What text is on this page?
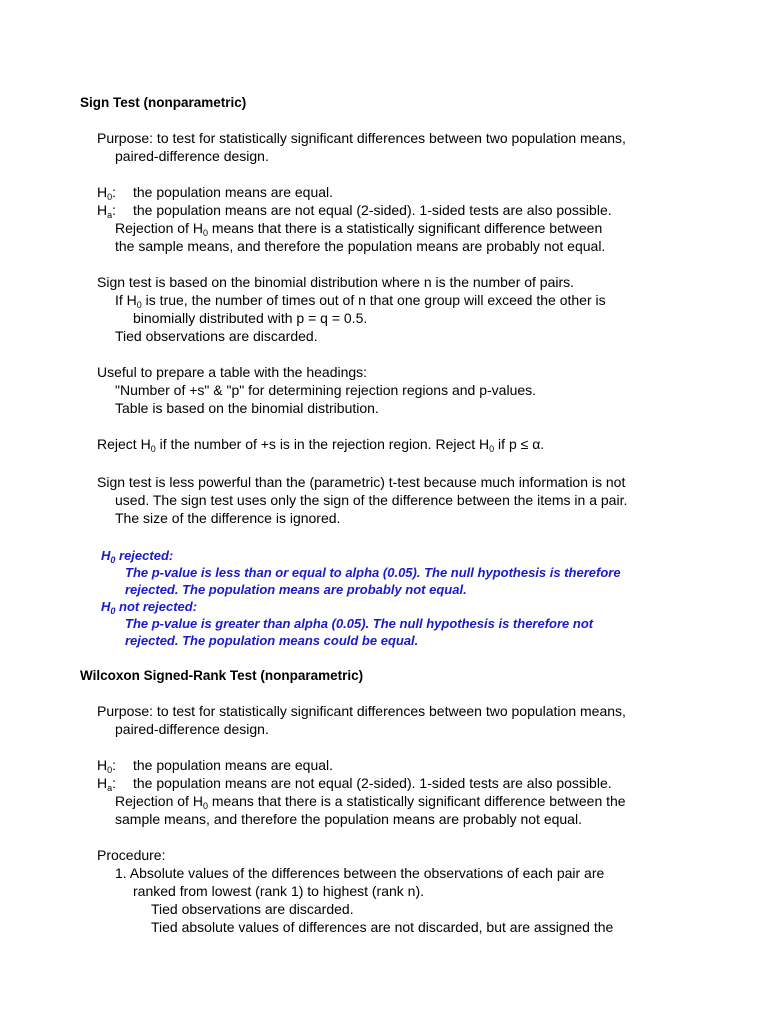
Sign Test (nonparametric)
Purpose: to test for statistically significant differences between two population means,
paired-difference design.
$H_0$: the population means are equal.
$H_a$: the population means are not equal (2-sided). 1-sided tests are also possible.
Rejection of $H_0$ means that there is a statistically significant difference between
the sample means, and therefore the population means are probably not equal.
Sign test is based on the binomial distribution where n is the number of pairs.
If $H_0$ is true, the number of times out of n that one group will exceed the other is
binomially distributed with p = q = 0.5.
Tied observations are discarded.
Useful to prepare a table with the headings:
"Number of +s" & "p" for determining rejection regions and p-values.
Table is based on the binomial distribution.
Reject $H_0$ if the number of +s is in the rejection region. Reject $H_0$ if p ≤ α.
Sign test is less powerful than the (parametric) t-test because much information is not
used. The sign test uses only the sign of the difference between the items in a pair.
The size of the difference is ignored.
$H_0$ rejected:
The p-value is less than or equal to alpha (0.05). The null hypothesis is therefore
rejected. The population means are probably not equal.
$H_0$ not rejected:
The p-value is greater than alpha (0.05). The null hypothesis is therefore not
rejected. The population means could be equal.
Wilcoxon Signed-Rank Test (nonparametric)
Purpose: to test for statistically significant differences between two population means,
paired-difference design.
$H_0$: the population means are equal.
$H_a$: the population means are not equal (2-sided). 1-sided tests are also possible.
Rejection of $H_0$ means that there is a statistically significant difference between the
sample means, and therefore the population means are probably not equal.
Procedure:
1. Absolute values of the differences between the observations of each pair are
ranked from lowest (rank 1) to highest (rank n).
Tied observations are discarded.
Tied absolute values of differences are not discarded, but are assigned the
